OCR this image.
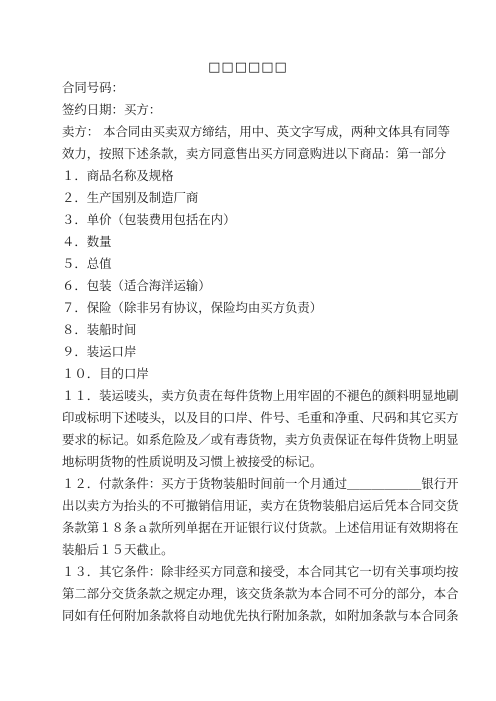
□□□□□□
合同号码：
签约日期：买方：
卖方： 本合同由买卖双方缔结，用中、英文字写成，两种文体具有同等
效力，按照下述条款，卖方同意售出买方同意购进以下商品：第一部分
１．商品名称及规格
２．生产国别及制造厂商
３．单价（包装费用包括在内）
４．数量
５．总值
６．包装（适合海洋运输）
７．保险（除非另有协议，保险均由买方负责）
８．装船时间
９．装运口岸
１０．目的口岸
１１．装运唛头，卖方负责在每件货物上用牢固的不褪色的颜料明显地刷
印或标明下述唛头，以及目的口岸、件号、毛重和净重、尺码和其它买方
要求的标记。如系危险及／或有毒货物，卖方负责保证在每件货物上明显
地标明货物的性质说明及习惯上被接受的标记。
１２．付款条件：买方于货物装船时间前一个月通过＿＿＿＿＿＿银行开
出以卖方为抬头的不可撤销信用证，卖方在货物装船启运后凭本合同交货
条款第１８条ａ款所列单据在开证银行议付货款。上述信用证有效期将在
装船后１５天截止。
１３．其它条件：除非经买方同意和接受，本合同其它一切有关事项均按
第二部分交货条款之规定办理，该交货条款为本合同不可分的部分，本合
同如有任何附加条款将自动地优先执行附加条款，如附加条款与本合同条
